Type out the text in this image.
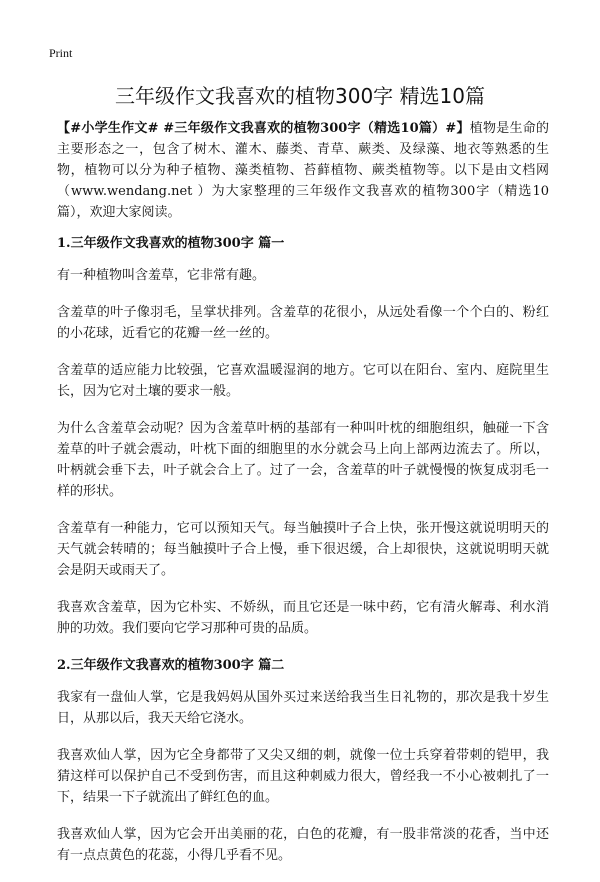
Print
三年级作文我喜欢的植物300字 精选10篇

【#小学生作文# #三年级作文我喜欢的植物300字（精选10篇）#】植物是生命的主要形态之一，包含了树木、灌木、藤类、青草、蕨类、及绿藻、地衣等熟悉的生物，植物可以分为种子植物、藻类植物、苔藓植物、蕨类植物等。以下是由文档网（www.wendang.net ）为大家整理的三年级作文我喜欢的植物300字（精选10篇），欢迎大家阅读。

1.三年级作文我喜欢的植物300字 篇一

有一种植物叫含羞草，它非常有趣。

含羞草的叶子像羽毛，呈掌状排列。含羞草的花很小，从远处看像一个个白的、粉红的小花球，近看它的花瓣一丝一丝的。

含羞草的适应能力比较强，它喜欢温暖湿润的地方。它可以在阳台、室内、庭院里生长，因为它对土壤的要求一般。

为什么含羞草会动呢？因为含羞草叶柄的基部有一种叫叶枕的细胞组织，触碰一下含羞草的叶子就会震动，叶枕下面的细胞里的水分就会马上向上部两边流去了。所以，叶柄就会垂下去，叶子就会合上了。过了一会，含羞草的叶子就慢慢的恢复成羽毛一样的形状。

含羞草有一种能力，它可以预知天气。每当触摸叶子合上快，张开慢这就说明明天的天气就会转晴的；每当触摸叶子合上慢，垂下很迟缓，合上却很快，这就说明明天就会是阴天或雨天了。

我喜欢含羞草，因为它朴实、不娇纵，而且它还是一味中药，它有清火解毒、利水消肿的功效。我们要向它学习那种可贵的品质。

2.三年级作文我喜欢的植物300字 篇二

我家有一盘仙人掌，它是我妈妈从国外买过来送给我当生日礼物的，那次是我十岁生日，从那以后，我天天给它浇水。

我喜欢仙人掌，因为它全身都带了又尖又细的刺，就像一位士兵穿着带刺的铠甲，我猜这样可以保护自己不受到伤害，而且这种刺威力很大，曾经我一不小心被刺扎了一下，结果一下子就流出了鲜红色的血。

我喜欢仙人掌，因为它会开出美丽的花，白色的花瓣，有一股非常淡的花香，当中还有一点点黄色的花蕊，小得几乎看不见。
